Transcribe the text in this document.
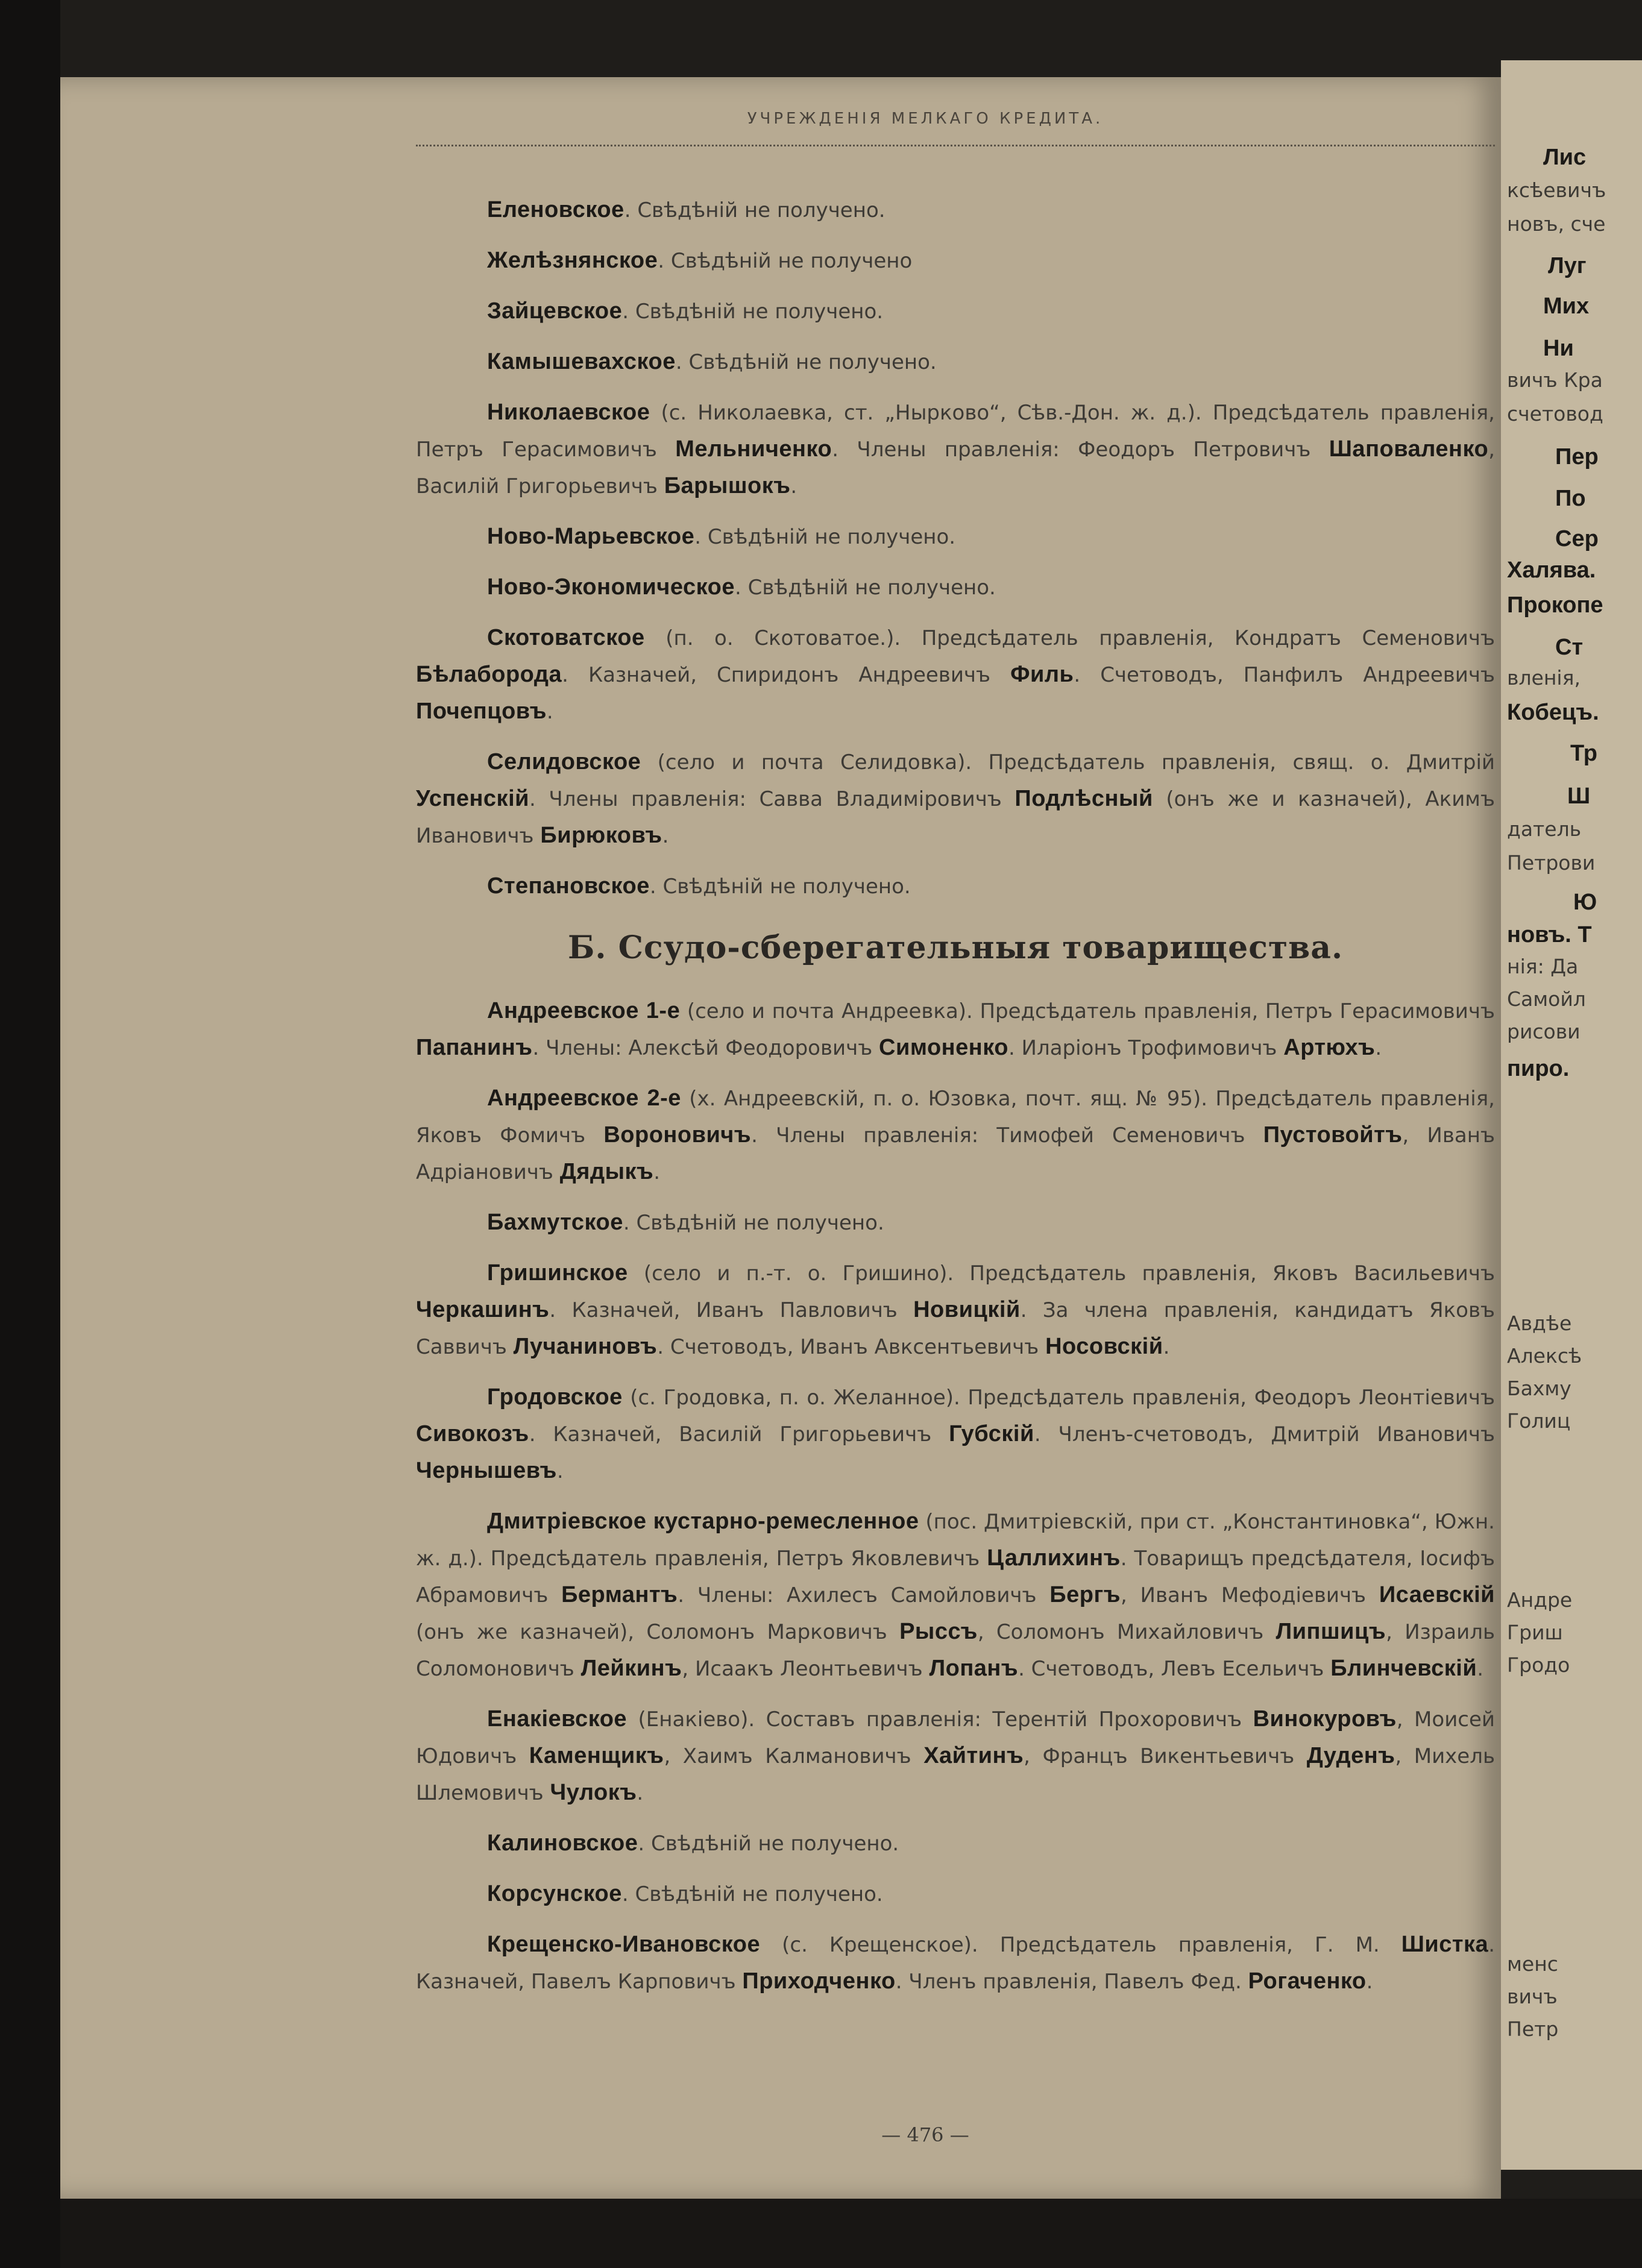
УЧРЕЖДЕНІЯ МЕЛКАГО КРЕДИТА.

Еленовское. Свѣдѣній не получено.

Желѣзнянское. Свѣдѣній не получено

Зайцевское. Свѣдѣній не получено.

Камышевахское. Свѣдѣній не получено.

Николаевское (с. Николаевка, ст. „Нырково“, Сѣв.-Дон. ж. д.). Предсѣдатель правленія, Петръ Герасимовичъ Мельниченко. Члены правленія: Феодоръ Петровичъ Шаповаленко, Василій Григорьевичъ Барышокъ.

Ново-Марьевское. Свѣдѣній не получено.

Ново-Экономическое. Свѣдѣній не получено.

Скотоватское (п. о. Скотоватое.). Предсѣдатель правленія, Кондратъ Семеновичъ Бѣлаборода. Казначей, Спиридонъ Андреевичъ Филь. Счетоводъ, Панфилъ Андреевичъ Почепцовъ.

Селидовское (село и почта Селидовка). Предсѣдатель правленія, свящ. о. Дмитрій Успенскій. Члены правленія: Савва Владиміровичъ Подлѣсный (онъ же и казначей), Акимъ Ивановичъ Бирюковъ.

Степановское. Свѣдѣній не получено.

Б. Ссудо-сберегательныя товарищества.

Андреевское 1-е (село и почта Андреевка). Предсѣдатель правленія, Петръ Герасимовичъ Папанинъ. Члены: Алексѣй Феодоровичъ Симоненко. Иларіонъ Трофимовичъ Артюхъ.

Андреевское 2-е (х. Андреевскій, п. о. Юзовка, почт. ящ. № 95). Предсѣдатель правленія, Яковъ Фомичъ Вороновичъ. Члены правленія: Тимофей Семеновичъ Пустовойтъ, Иванъ Адріановичъ Дядыкъ.

Бахмутское. Свѣдѣній не получено.

Гришинское (село и п.-т. о. Гришино). Предсѣдатель правленія, Яковъ Васильевичъ Черкашинъ. Казначей, Иванъ Павловичъ Новицкій. За члена правленія, кандидатъ Яковъ Саввичъ Лучаниновъ. Счетоводъ, Иванъ Авксентьевичъ Носовскій.

Гродовское (с. Гродовка, п. о. Желанное). Предсѣдатель правленія, Феодоръ Леонтіевичъ Сивокозъ. Казначей, Василій Григорьевичъ Губскій. Членъ-счетоводъ, Дмитрій Ивановичъ Чернышевъ.

Дмитріевское кустарно-ремесленное (пос. Дмитріевскій, при ст. „Константиновка“, Южн. ж. д.). Предсѣдатель правленія, Петръ Яковлевичъ Цаллихинъ. Товарищъ предсѣдателя, Іосифъ Абрамовичъ Бермантъ. Члены: Ахилесъ Самойловичъ Бергъ, Иванъ Мефодіевичъ Исаевскій (онъ же казначей), Соломонъ Марковичъ Рыссъ, Соломонъ Михайловичъ Липшицъ, Израиль Соломоновичъ Лейкинъ, Исаакъ Леонтьевичъ Лопанъ. Счетоводъ, Левъ Есельичъ Блинчевскій.

Енакіевское (Енакіево). Составъ правленія: Терентій Прохоровичъ Винокуровъ, Моисей Юдовичъ Каменщикъ, Хаимъ Калмановичъ Хайтинъ, Францъ Викентьевичъ Дуденъ, Михель Шлемовичъ Чулокъ.

Калиновское. Свѣдѣній не получено.

Корсунское. Свѣдѣній не получено.

Крещенско-Ивановское (с. Крещенское). Предсѣдатель правленія, Г. М. Шистка. Казначей, Павелъ Карповичъ Приходченко. Членъ правленія, Павелъ Фед. Рогаченко.

— 476 —
Лис
ксѣевичъ
новъ, сче
Луг
Мих
Ни
вичъ Кра
счетовод
Пер
По
Сер
Халява.
Прокопе
Ст
вленія,
Кобецъ.
Тр
Ш
датель
Петрови
Ю
новъ. Т
нія: Да
Самойл
рисови
пиро.
Авдѣе
Алексѣ
Бахму
Голиц
Андре
Гриш
Гродо
менс
вичъ
Петр
